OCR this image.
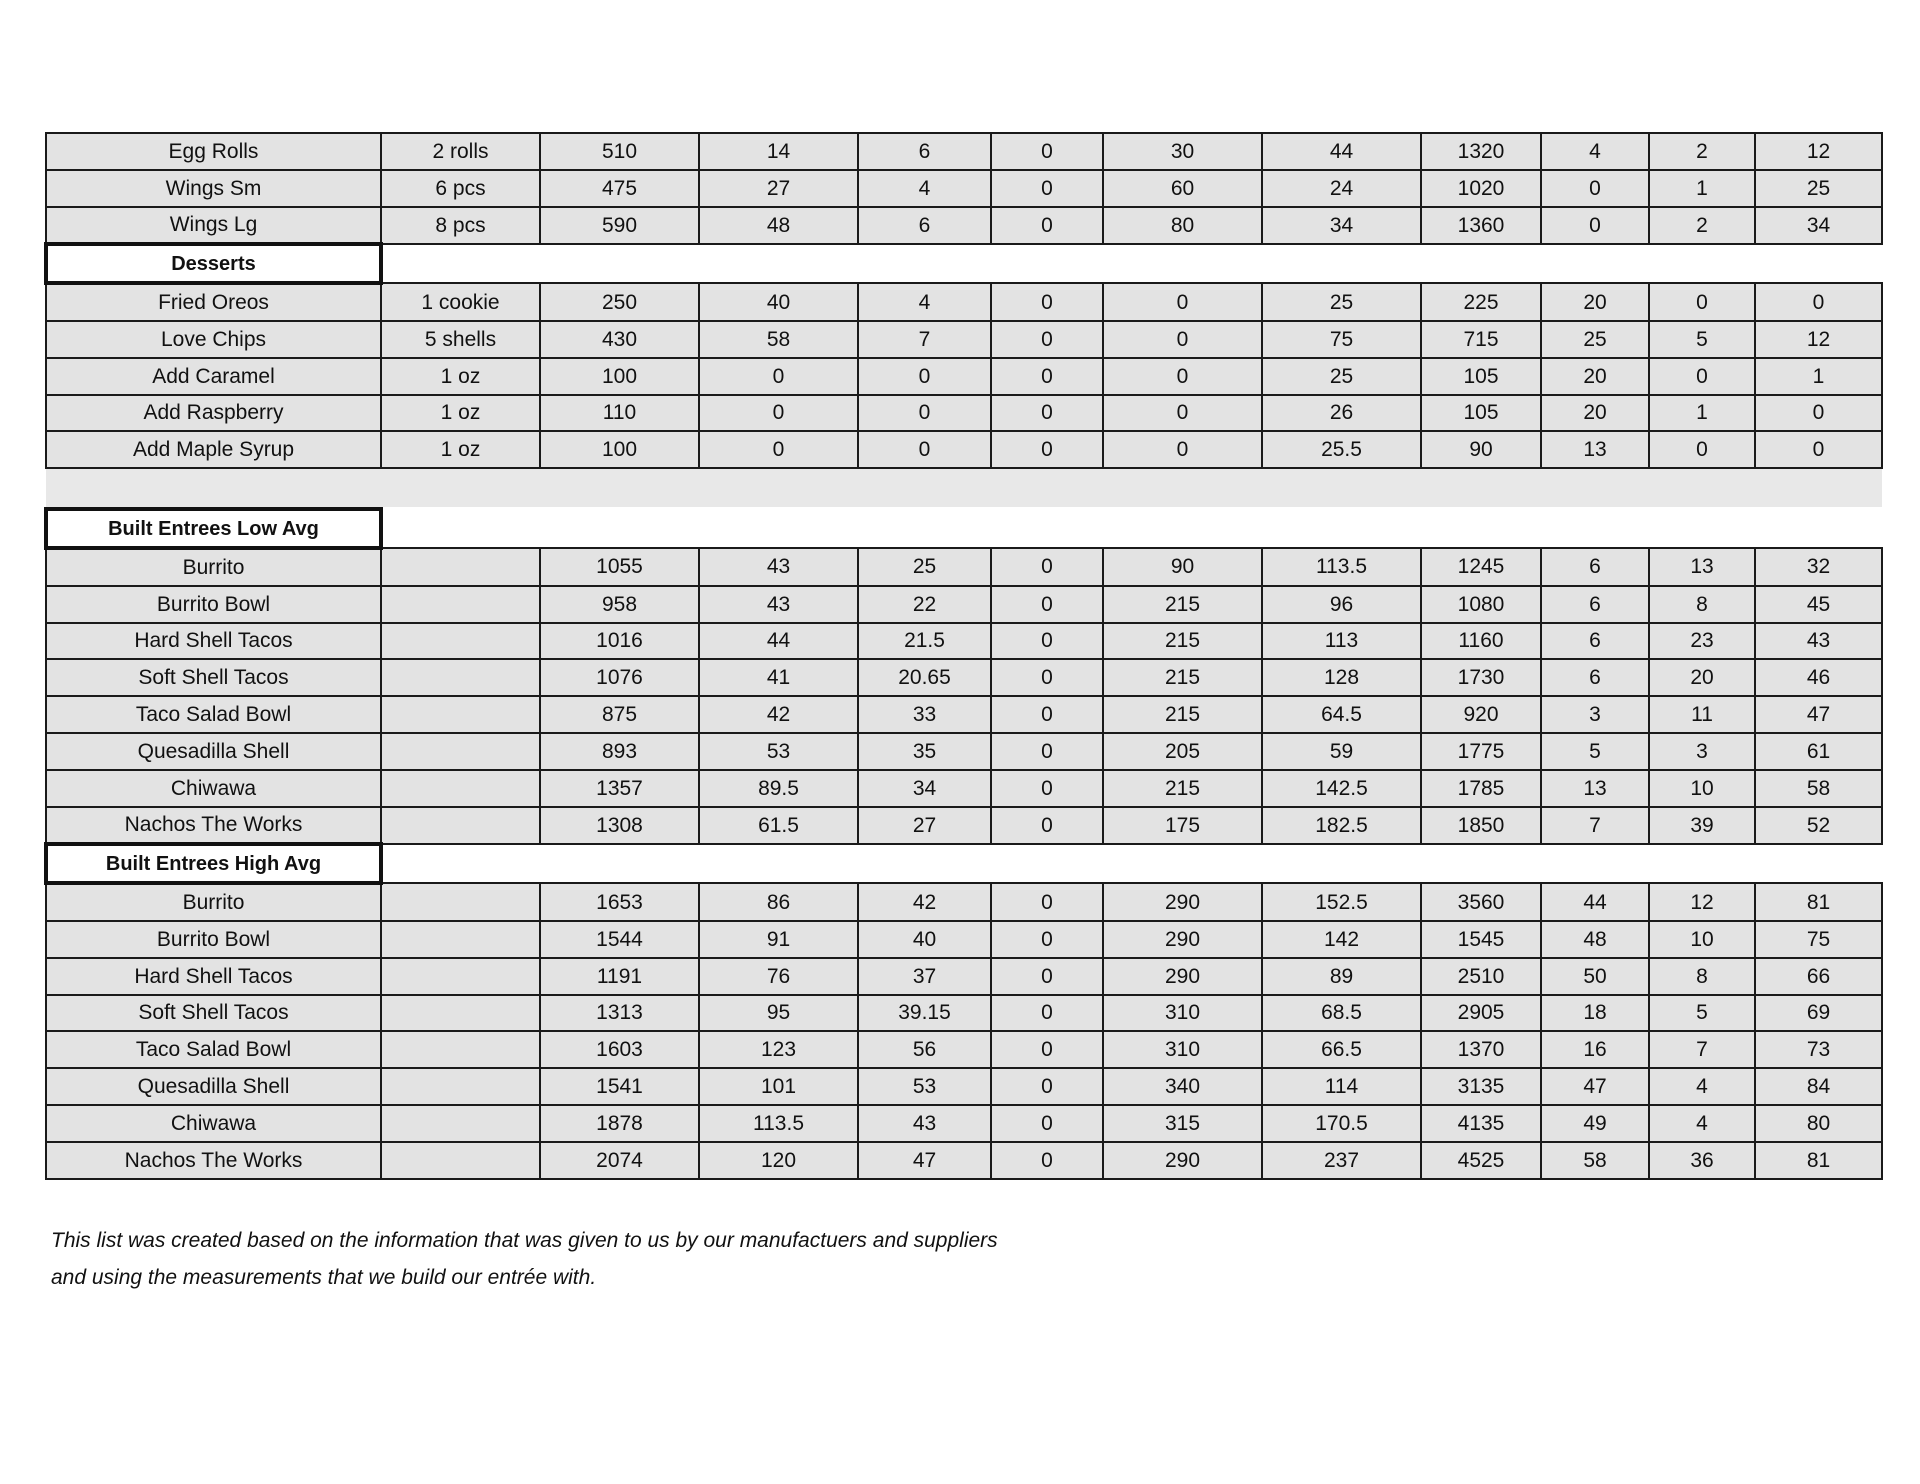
Egg Rolls	2 rolls	510	14	6	0	30	44	1320	4	2	12
Wings Sm	6 pcs	475	27	4	0	60	24	1020	0	1	25
Wings Lg	8 pcs	590	48	6	0	80	34	1360	0	2	34
Desserts											
Fried Oreos	1 cookie	250	40	4	0	0	25	225	20	0	0
Love Chips	5 shells	430	58	7	0	0	75	715	25	5	12
Add Caramel	1 oz	100	0	0	0	0	25	105	20	0	1
Add Raspberry	1 oz	110	0	0	0	0	26	105	20	1	0
Add Maple Syrup	1 oz	100	0	0	0	0	25.5	90	13	0	0

Built Entrees Low Avg											
Burrito		1055	43	25	0	90	113.5	1245	6	13	32
Burrito Bowl		958	43	22	0	215	96	1080	6	8	45
Hard Shell Tacos		1016	44	21.5	0	215	113	1160	6	23	43
Soft Shell Tacos		1076	41	20.65	0	215	128	1730	6	20	46
Taco Salad Bowl		875	42	33	0	215	64.5	920	3	11	47
Quesadilla Shell		893	53	35	0	205	59	1775	5	3	61
Chiwawa		1357	89.5	34	0	215	142.5	1785	13	10	58
Nachos The Works		1308	61.5	27	0	175	182.5	1850	7	39	52
Built Entrees High Avg											
Burrito		1653	86	42	0	290	152.5	3560	44	12	81
Burrito Bowl		1544	91	40	0	290	142	1545	48	10	75
Hard Shell Tacos		1191	76	37	0	290	89	2510	50	8	66
Soft Shell Tacos		1313	95	39.15	0	310	68.5	2905	18	5	69
Taco Salad Bowl		1603	123	56	0	310	66.5	1370	16	7	73
Quesadilla Shell		1541	101	53	0	340	114	3135	47	4	84
Chiwawa		1878	113.5	43	0	315	170.5	4135	49	4	80
Nachos The Works		2074	120	47	0	290	237	4525	58	36	81
This list was created based on the information that was given to us by our manufactuers and suppliers
and using the measurements that we build our entrée with.
